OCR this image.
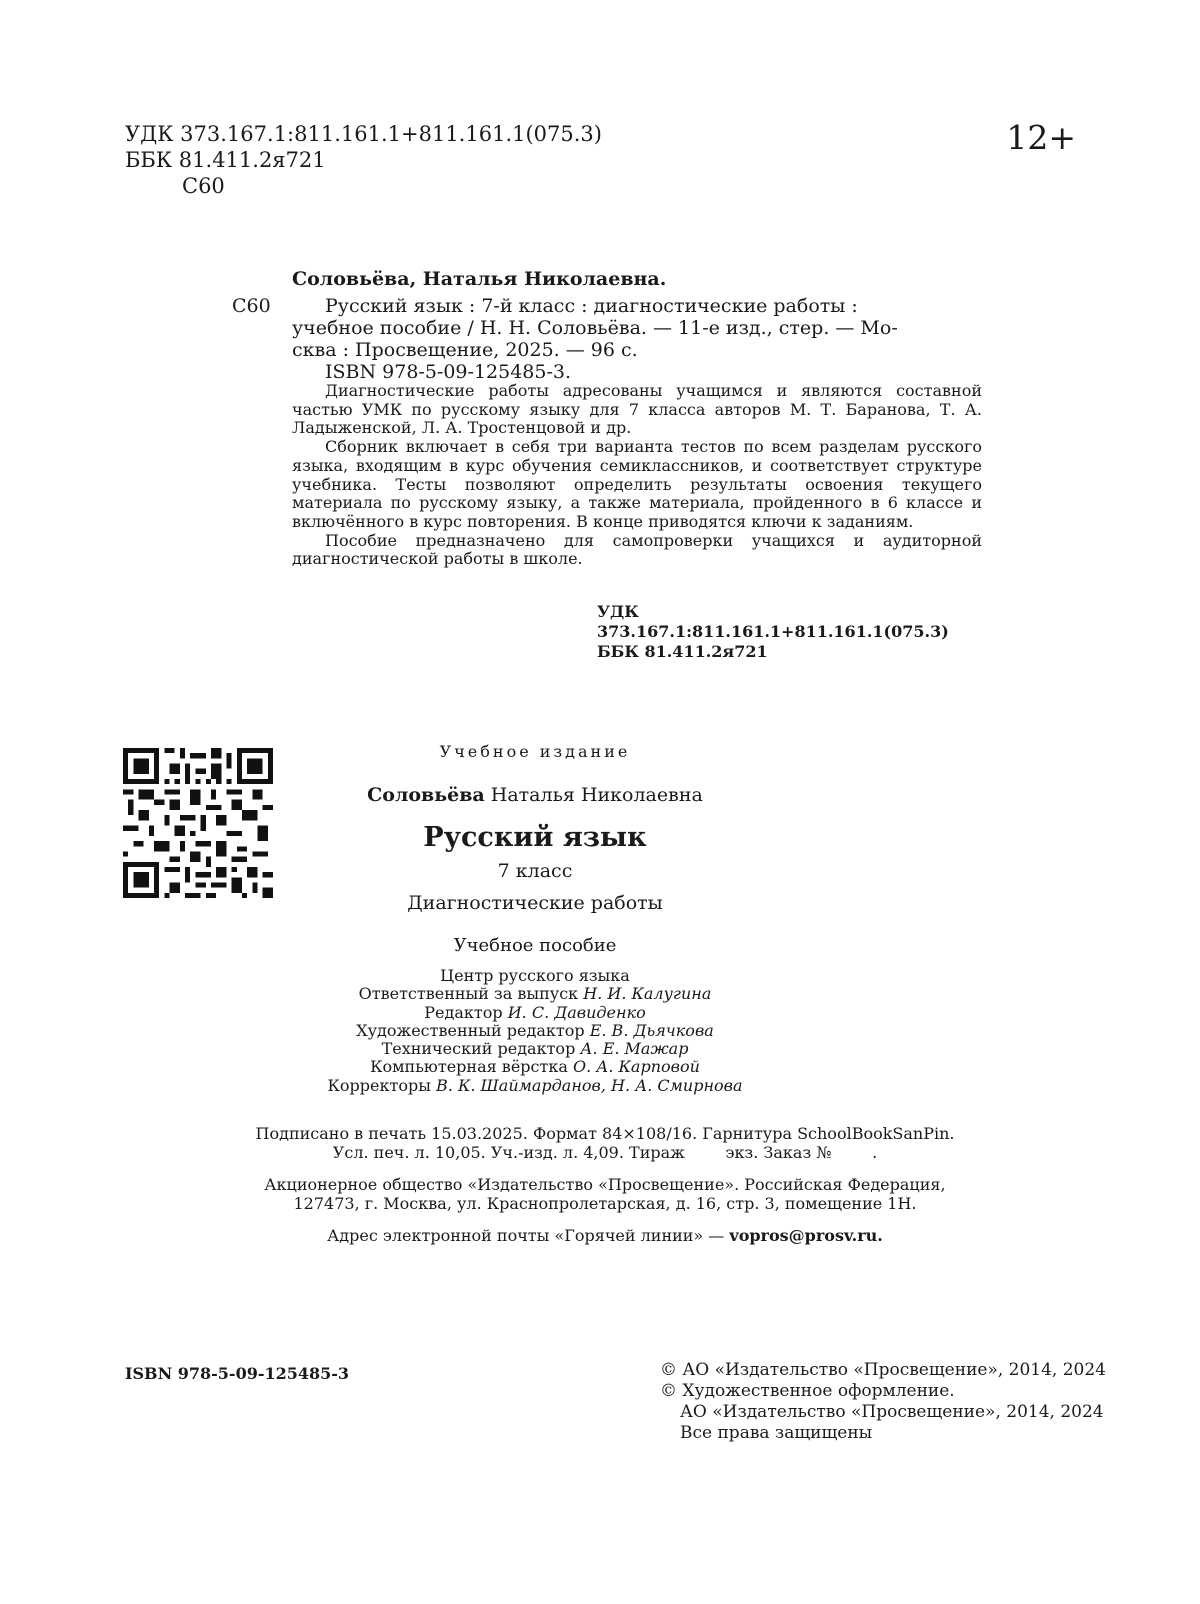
УДК 373.167.1:811.161.1+811.161.1(075.3)
ББК 81.411.2я721
С60
12+
Соловьёва, Наталья Николаевна.
С60	Русский язык : 7-й класс : диагностические работы :
учебное пособие / Н. Н. Соловьёва. — 11-е изд., стер. — Мо-
сква : Просвещение, 2025. — 96 с.
ISBN 978-5-09-125485-3.

Диагностические работы адресованы учащимся и являются составной частью УМК по русскому языку для 7 класса авторов М. Т. Баранова, Т. А. Ладыженской, Л. А. Тростенцовой и др.

Сборник включает в себя три варианта тестов по всем разделам русского языка, входящим в курс обучения семиклассников, и соответствует структуре учебника. Тесты позволяют определить результаты освоения текущего материала по русскому языку, а также материала, пройденного в 6 классе и включённого в курс повторения. В конце приводятся ключи к заданиям.

Пособие предназначено для самопроверки учащихся и аудиторной диагностической работы в школе.

УДК 373.167.1:811.161.1+811.161.1(075.3)
ББК 81.411.2я721
Учебное издание
Соловьёва Наталья Николаевна
Русский язык
7 класс
Диагностические работы
Учебное пособие
Центр русского языка
Ответственный за выпуск Н. И. Калугина
Редактор И. С. Давиденко
Художественный редактор Е. В. Дьячкова
Технический редактор А. Е. Мажар
Компьютерная вёрстка О. А. Карповой
Корректоры В. К. Шаймарданов, Н. А. Смирнова
Подписано в печать 15.03.2025. Формат 84×108/16. Гарнитура SchoolBookSanPin.
Усл. печ. л. 10,05. Уч.-изд. л. 4,09. Тираж        экз. Заказ №        .
Акционерное общество «Издательство «Просвещение». Российская Федерация,
127473, г. Москва, ул. Краснопролетарская, д. 16, стр. 3, помещение 1Н.
Адрес электронной почты «Горячей линии» — vopros@prosv.ru.
ISBN 978-5-09-125485-3	© АО «Издательство «Просвещение», 2014, 2024
© Художественное оформление.
АО «Издательство «Просвещение», 2014, 2024
Все права защищены
